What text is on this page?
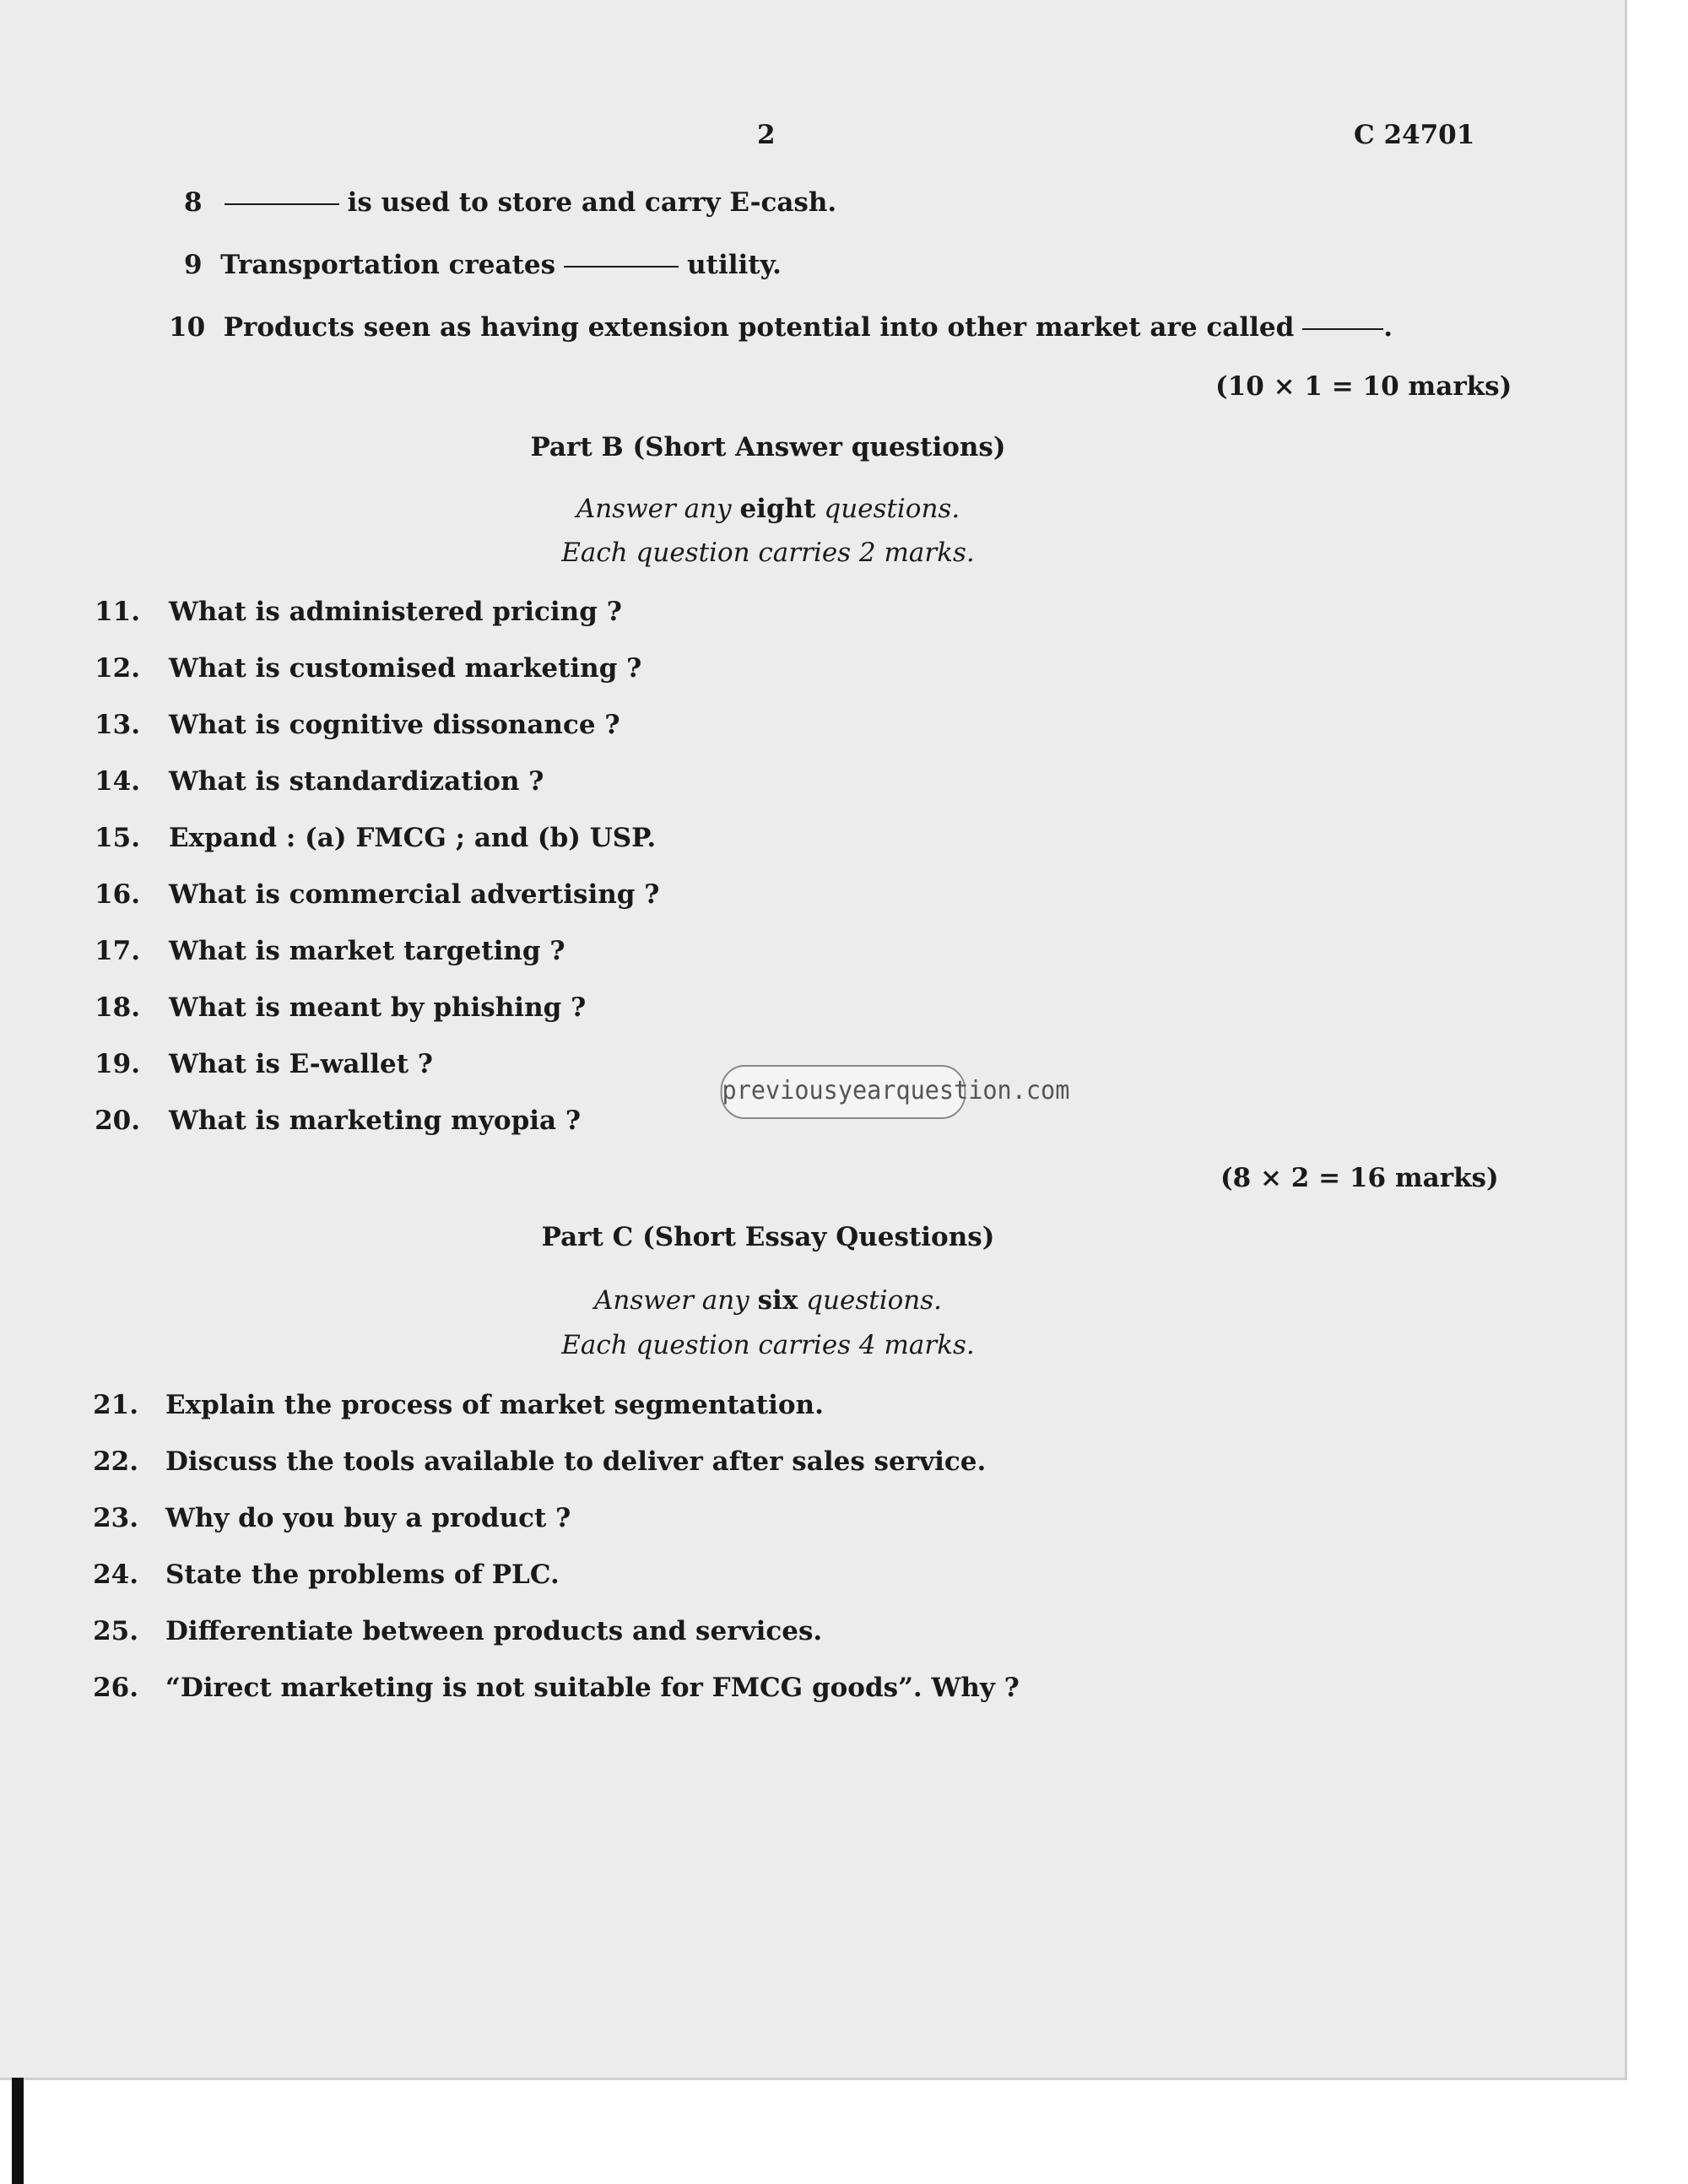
2	C 24701
8	is used to store and carry E-cash.
9 Transportation creates	utility.
10 Products seen as having extension potential into other market are called	.
(10 × 1 = 10 marks)
Part B (Short Answer questions)
Answer any eight questions.
Each question carries 2 marks.
11. What is administered pricing ?
12. What is customised marketing ?
13. What is cognitive dissonance ?
14. What is standardization ?
15. Expand : (a) FMCG ; and (b) USP.
16. What is commercial advertising ?
17. What is market targeting ?
18. What is meant by phishing ?
19. What is E-wallet ?
20. What is marketing myopia ?
previousyearquestion.com
(8 × 2 = 16 marks)
Part C (Short Essay Questions)
Answer any six questions.
Each question carries 4 marks.
21. Explain the process of market segmentation.
22. Discuss the tools available to deliver after sales service.
23. Why do you buy a product ?
24. State the problems of PLC.
25. Differentiate between products and services.
26. “Direct marketing is not suitable for FMCG goods”. Why ?
